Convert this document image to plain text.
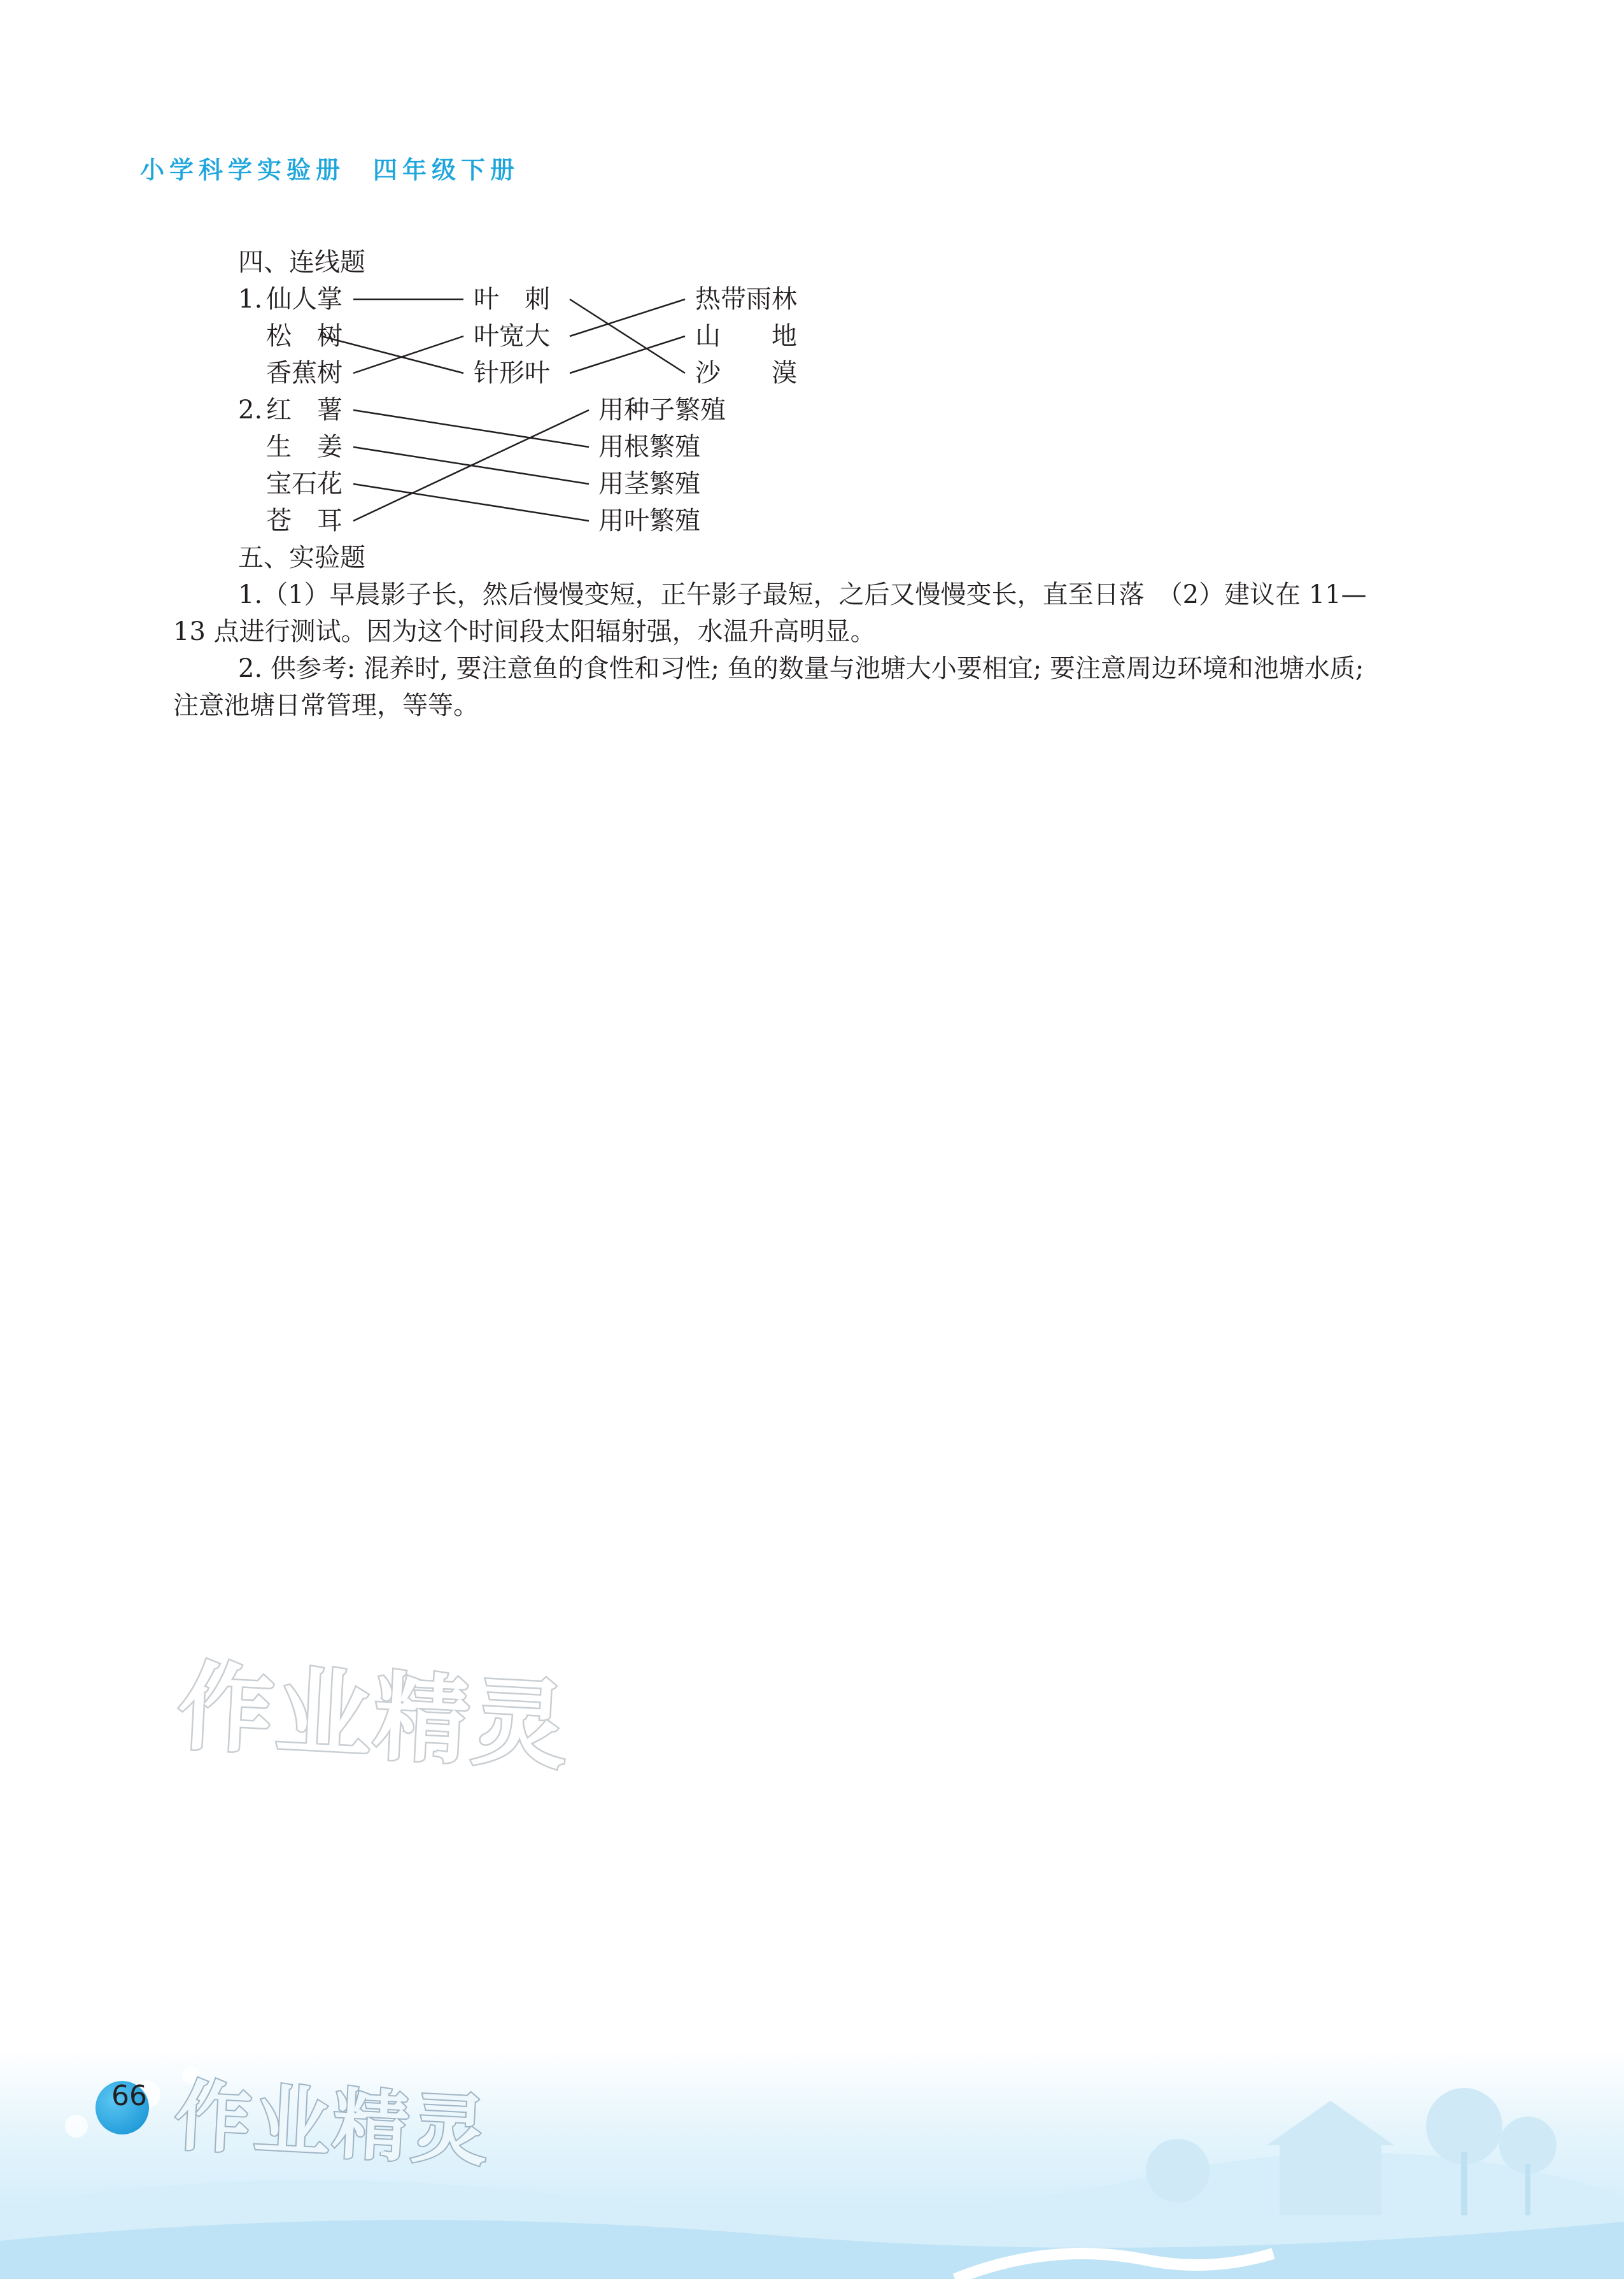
小学科学实验册 四年级下册
四、连线题
1. 仙人掌
松　树
香蕉树
叶　刺
叶宽大
针形叶
热带雨林
山　　地
沙　　漠
2. 红　薯
生　姜
宝石花
苍　耳
用种子繁殖
用根繁殖
用茎繁殖
用叶繁殖
五、实验题
1.（1）早晨影子长，然后慢慢变短，正午影子最短，之后又慢慢变长，直至日落　（2）建议在 11—
13 点进行测试。因为这个时间段太阳辐射强，水温升高明显。
2. 供参考: 混养时, 要注意鱼的食性和习性; 鱼的数量与池塘大小要相宜; 要注意周边环境和池塘水质;
注意池塘日常管理，等等。
作业精灵
66 作业精灵
